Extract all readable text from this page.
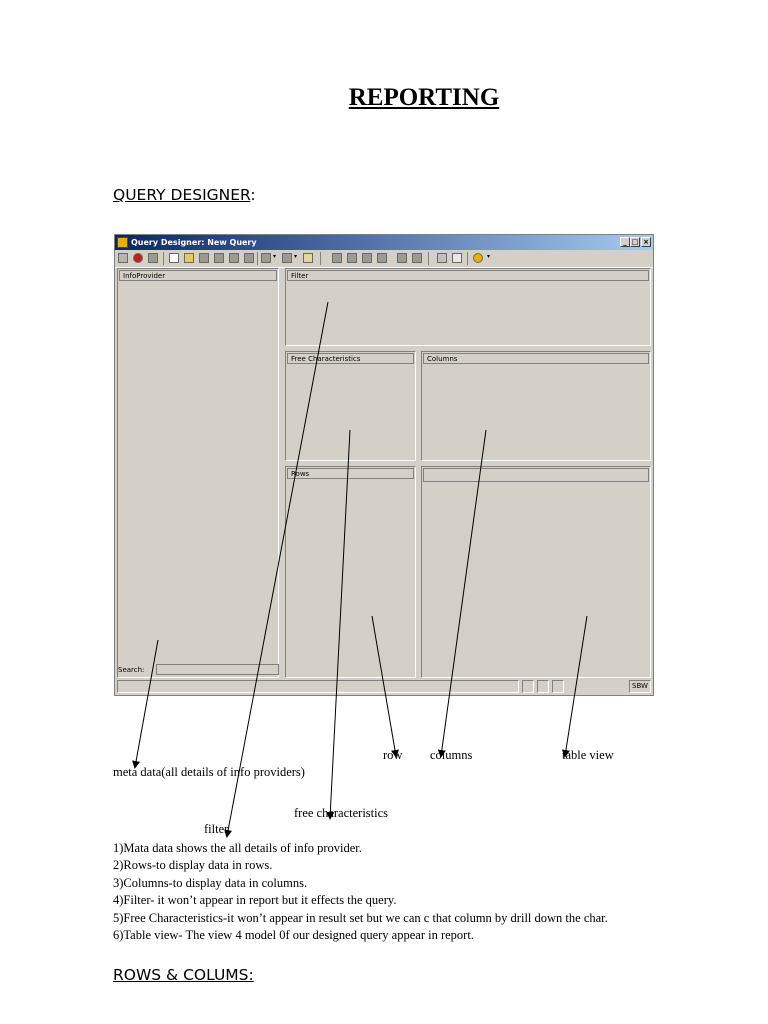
REPORTING
QUERY DESIGNER:
Query Designer: New Query	_ □ ×
▾	▾	▾
InfoProvider	Filter
Free Characteristics	Columns
Rows
Search:
SBW
row columns	table view
meta data(all details of info providers)
free characteristics
filter
1)Mata data shows the all details of info provider.
2)Rows-to display data in rows.
3)Columns-to display data in columns.
4)Filter- it won’t appear in report but it effects the query.
5)Free Characteristics-it won’t appear in result set but we can c that column by drill down the char.
6)Table view- The view 4 model 0f our designed query appear in report.
ROWS & COLUMS:
